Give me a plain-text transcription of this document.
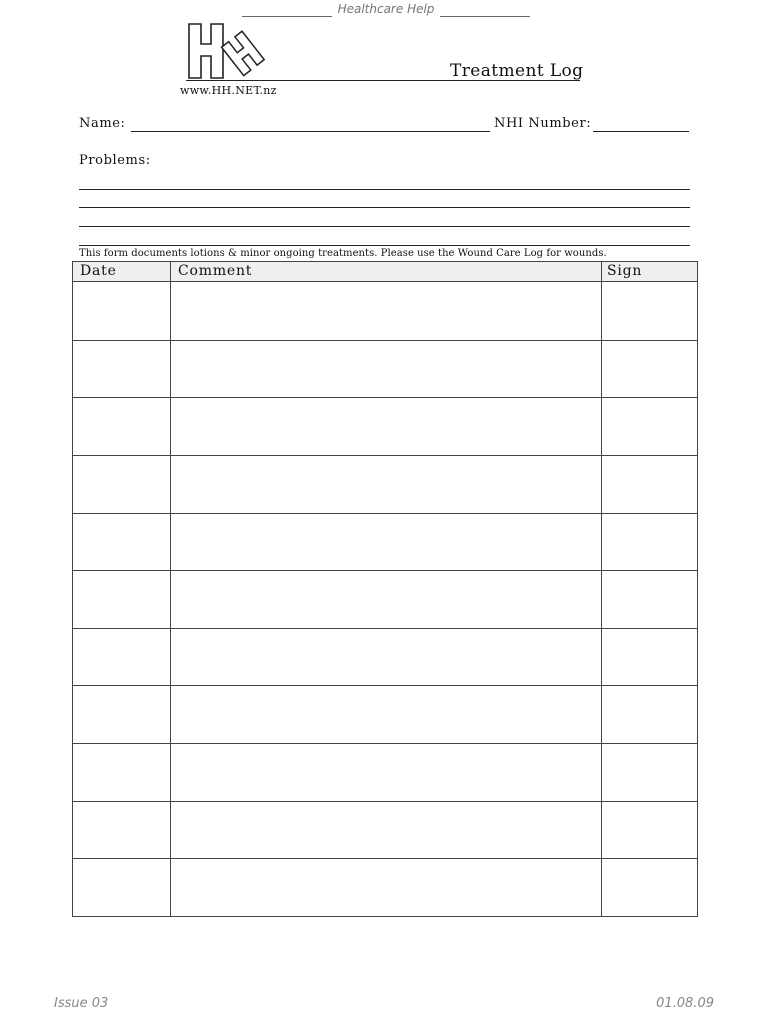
Healthcare Help
Treatment Log
www.HH.NET.nz
Name:	NHI Number:
Problems:
This form documents lotions & minor ongoing treatments. Please use the Wound Care Log for wounds.
Date	Comment	Sign
Issue 03	01.08.09
